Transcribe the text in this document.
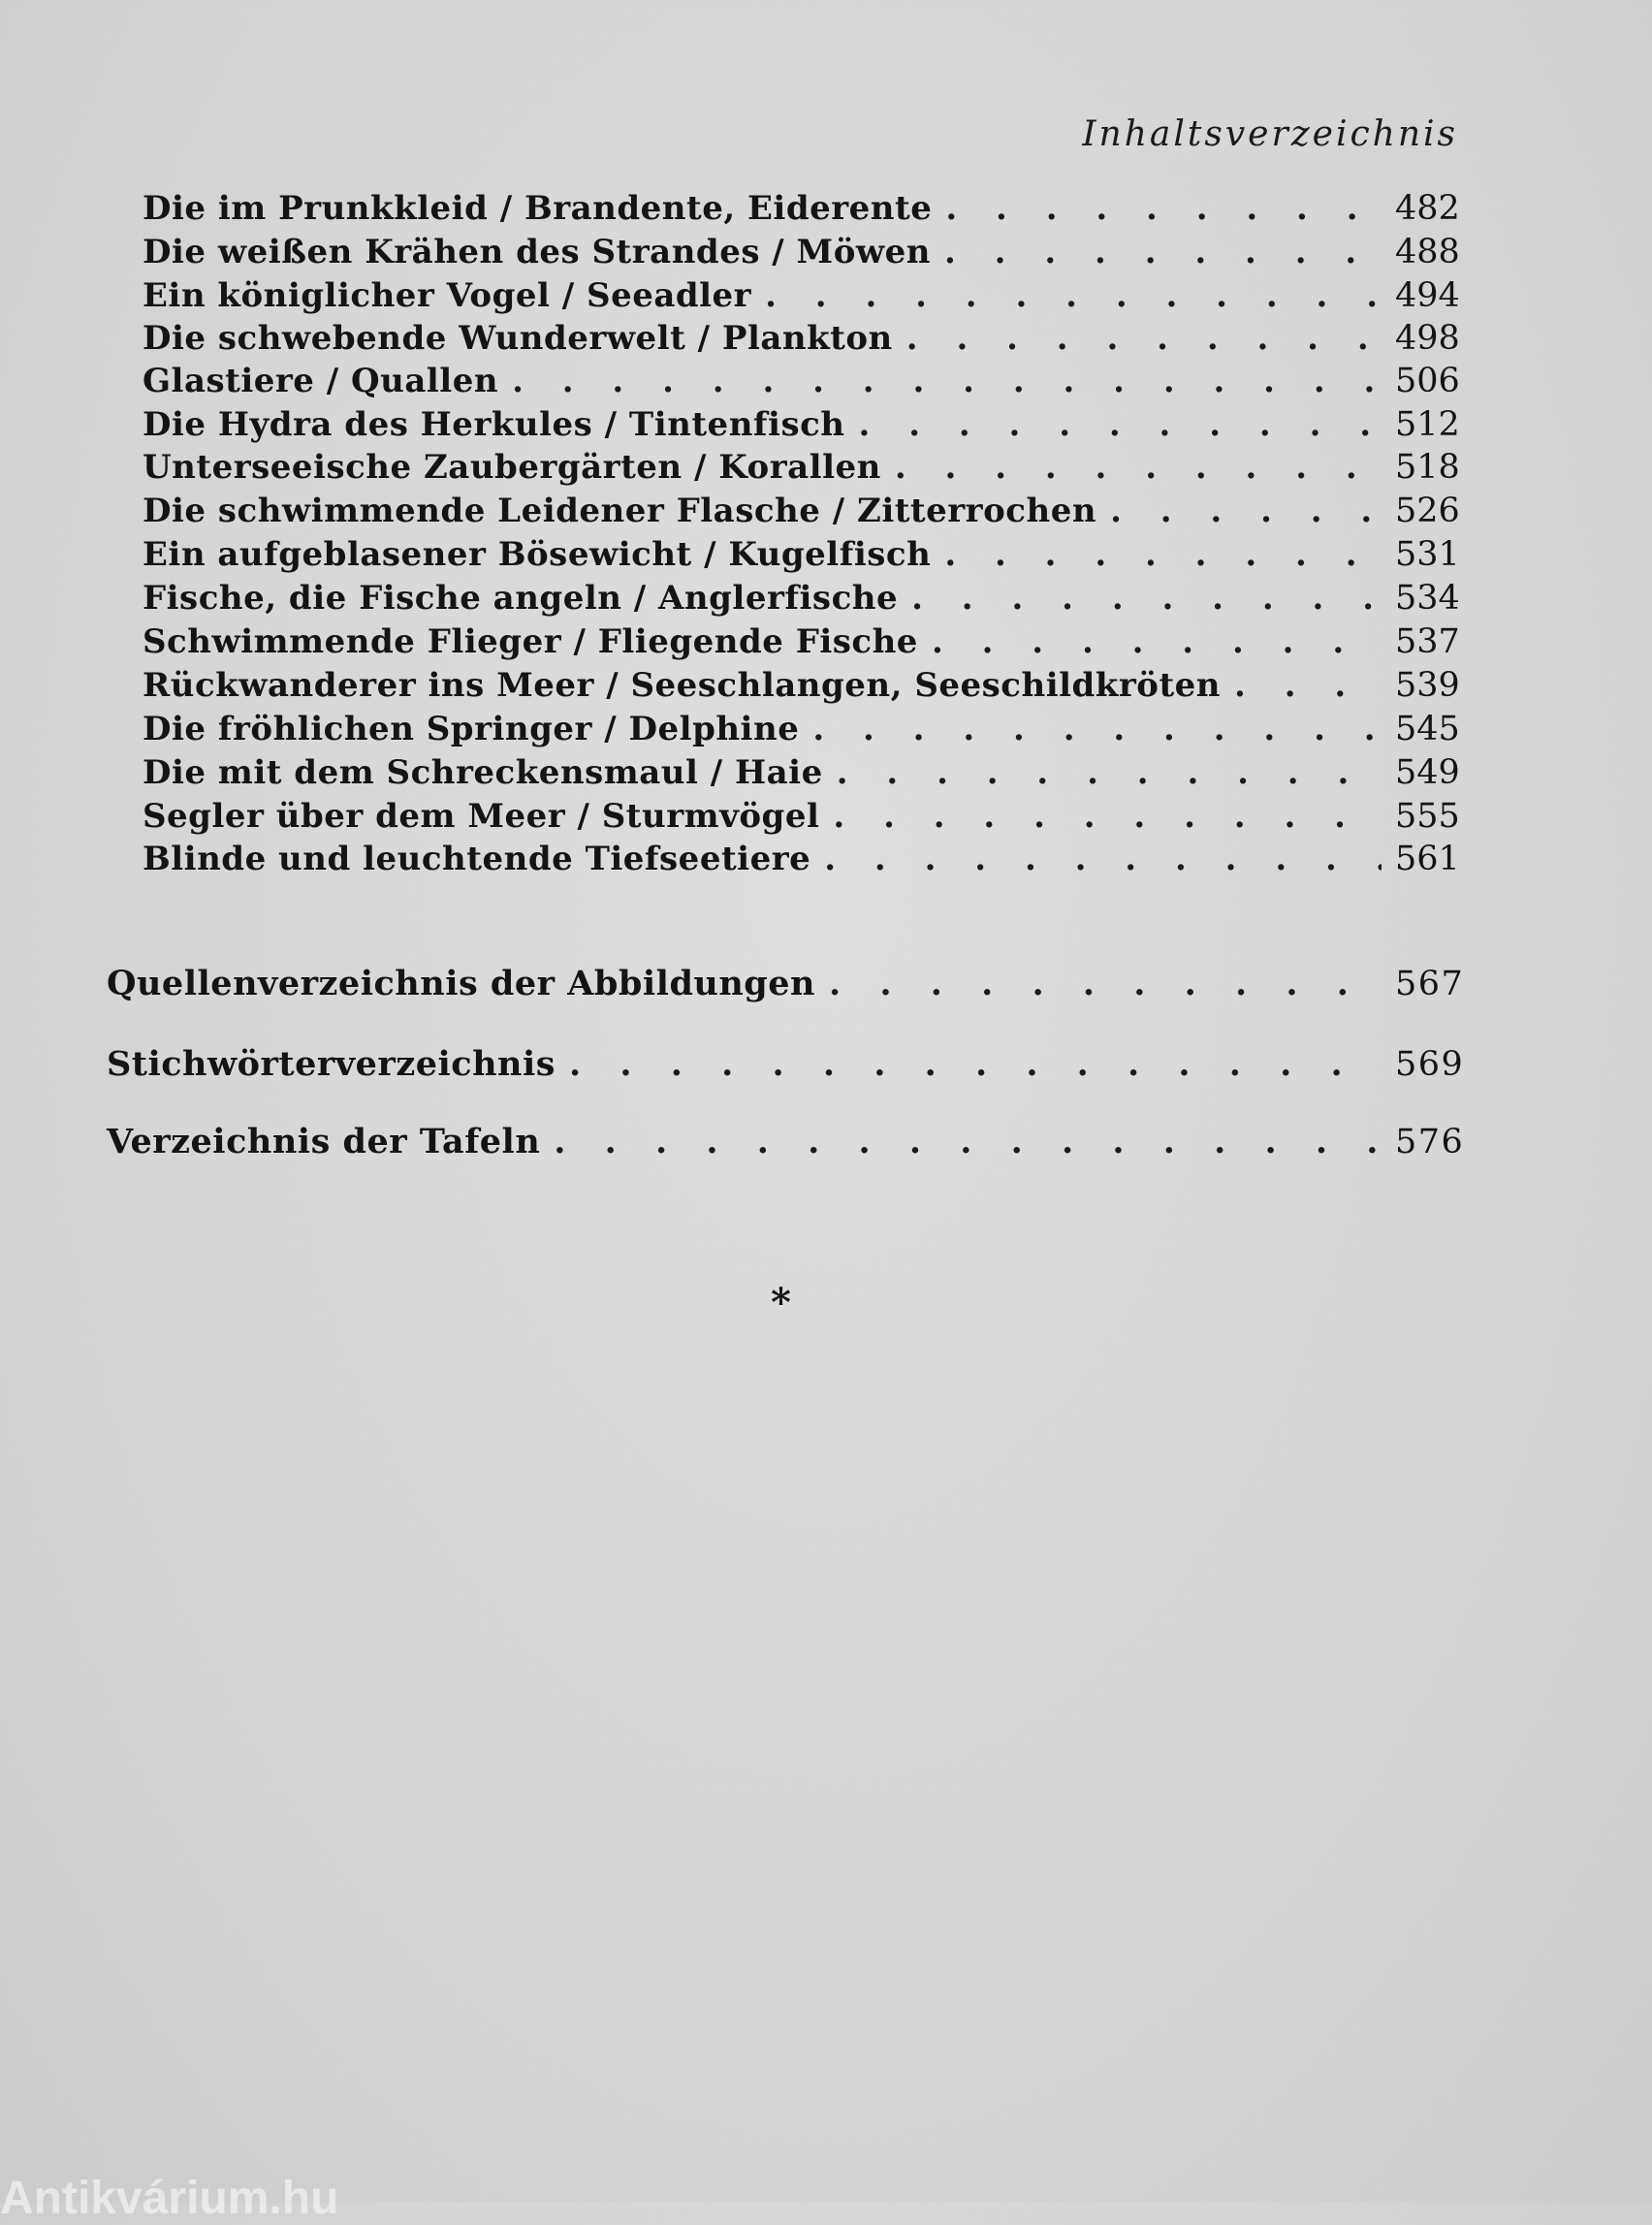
Inhaltsverzeichnis
Die im Prunkkleid / Brandente, Eiderente . . .	482
Die weißen Krähen des Strandes / Möwen . . .	488
Ein königlicher Vogel / Seeadler . . .	494
Die schwebende Wunderwelt / Plankton . . .	498
Glastiere / Quallen . . .	506
Die Hydra des Herkules / Tintenfisch . . .	512
Unterseeische Zaubergärten / Korallen . . .	518
Die schwimmende Leidener Flasche / Zitterrochen . . .	526
Ein aufgeblasener Bösewicht / Kugelfisch . . .	531
Fische, die Fische angeln / Anglerfische . . .	534
Schwimmende Flieger / Fliegende Fische . . .	537
Rückwanderer ins Meer / Seeschlangen, Seeschildkröten . . .	539
Die fröhlichen Springer / Delphine . . .	545
Die mit dem Schreckensmaul / Haie . . .	549
Segler über dem Meer / Sturmvögel . . .	555
Blinde und leuchtende Tiefseetiere . . .	561
Quellenverzeichnis der Abbildungen . . .	567
Stichwörterverzeichnis . . .	569
Verzeichnis der Tafeln . . .	576
*
Antikvárium.hu
